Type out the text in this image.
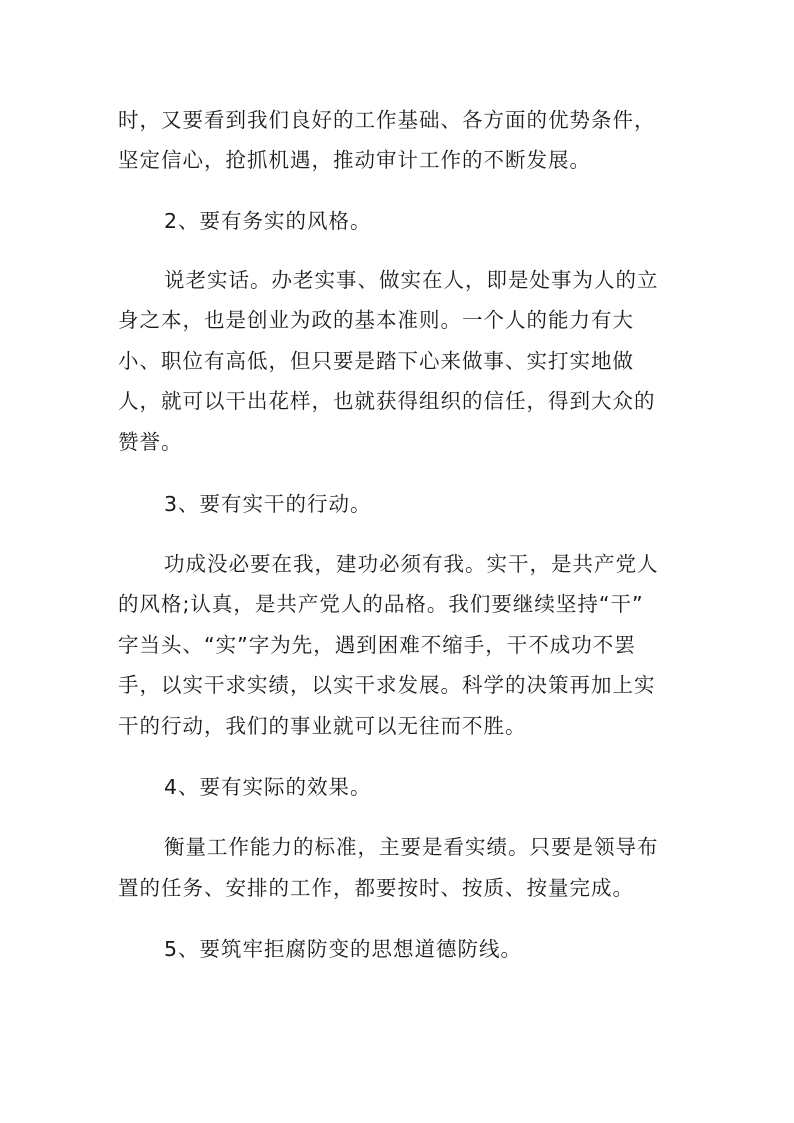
时，又要看到我们良好的工作基础、各方面的优势条件，

坚定信心，抢抓机遇，推动审计工作的不断发展。

2、要有务实的风格。

说老实话。办老实事、做实在人，即是处事为人的立

身之本，也是创业为政的基本准则。一个人的能力有大

小、职位有高低，但只要是踏下心来做事、实打实地做

人，就可以干出花样，也就获得组织的信任，得到大众的

赞誉。

3、要有实干的行动。

功成没必要在我，建功必须有我。实干，是共产党人

的风格;认真，是共产党人的品格。我们要继续坚持“干”

字当头、“实”字为先，遇到困难不缩手，干不成功不罢

手，以实干求实绩，以实干求发展。科学的决策再加上实

干的行动，我们的事业就可以无往而不胜。

4、要有实际的效果。

衡量工作能力的标准，主要是看实绩。只要是领导布

置的任务、安排的工作，都要按时、按质、按量完成。

5、要筑牢拒腐防变的思想道德防线。
